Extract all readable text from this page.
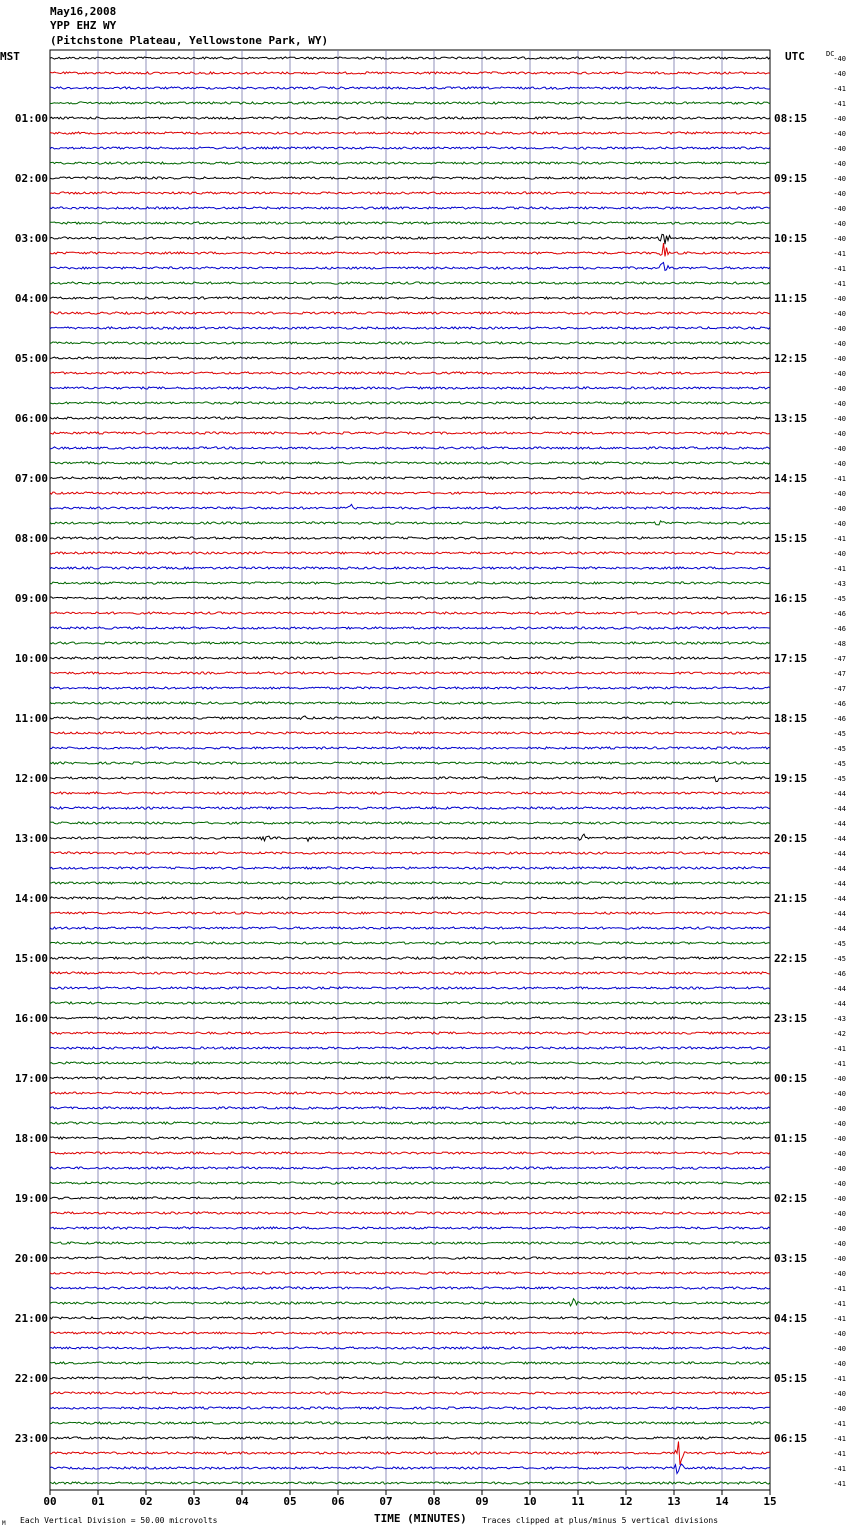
May16,2008
YPP EHZ WY
(Pitchstone Plateau, Yellowstone Park, WY)
MST	UTC	DC
00	01	02	03	04	05	06	07	08	09	10	11	12	13	14	15
-40
-40
-41
-41
-40
01:00	08:15
-40
-40
-40
-40
02:00	09:15
-40
-40
-40
-40
03:00	10:15
-41
-41
-41
-40
04:00	11:15
-40
-40
-40
-40
05:00	12:15
-40
-40
-40
-40
06:00	13:15
-40
-40
-40
-41
07:00	14:15
-40
-40
-40
-41
08:00	15:15
-40
-41
-43
-45
09:00	16:15
-46
-46
-48
-47
10:00	17:15
-47
-47
-46
-46
11:00	18:15
-45
-45
-45
-45
12:00	19:15
-44
-44
-44
-44
13:00	20:15
-44
-44
-44
-44
14:00	21:15
-44
-44
-45
-45
15:00	22:15
-46
-44
-44
-43
16:00	23:15
-42
-41
-41
-40
17:00	00:15
-40
-40
-40
-40
18:00	01:15
-40
-40
-40
-40
19:00	02:15
-40
-40
-40
-40
20:00	03:15
-40
-41
-41
-41
21:00	04:15
-40
-40
-40
-41
22:00	05:15
-40
-40
-41
-41
23:00	06:15
-41
-41
-41
M Each Vertical Division = 50.00 microvolts	TIME (MINUTES) Traces clipped at plus/minus 5 vertical divisions
